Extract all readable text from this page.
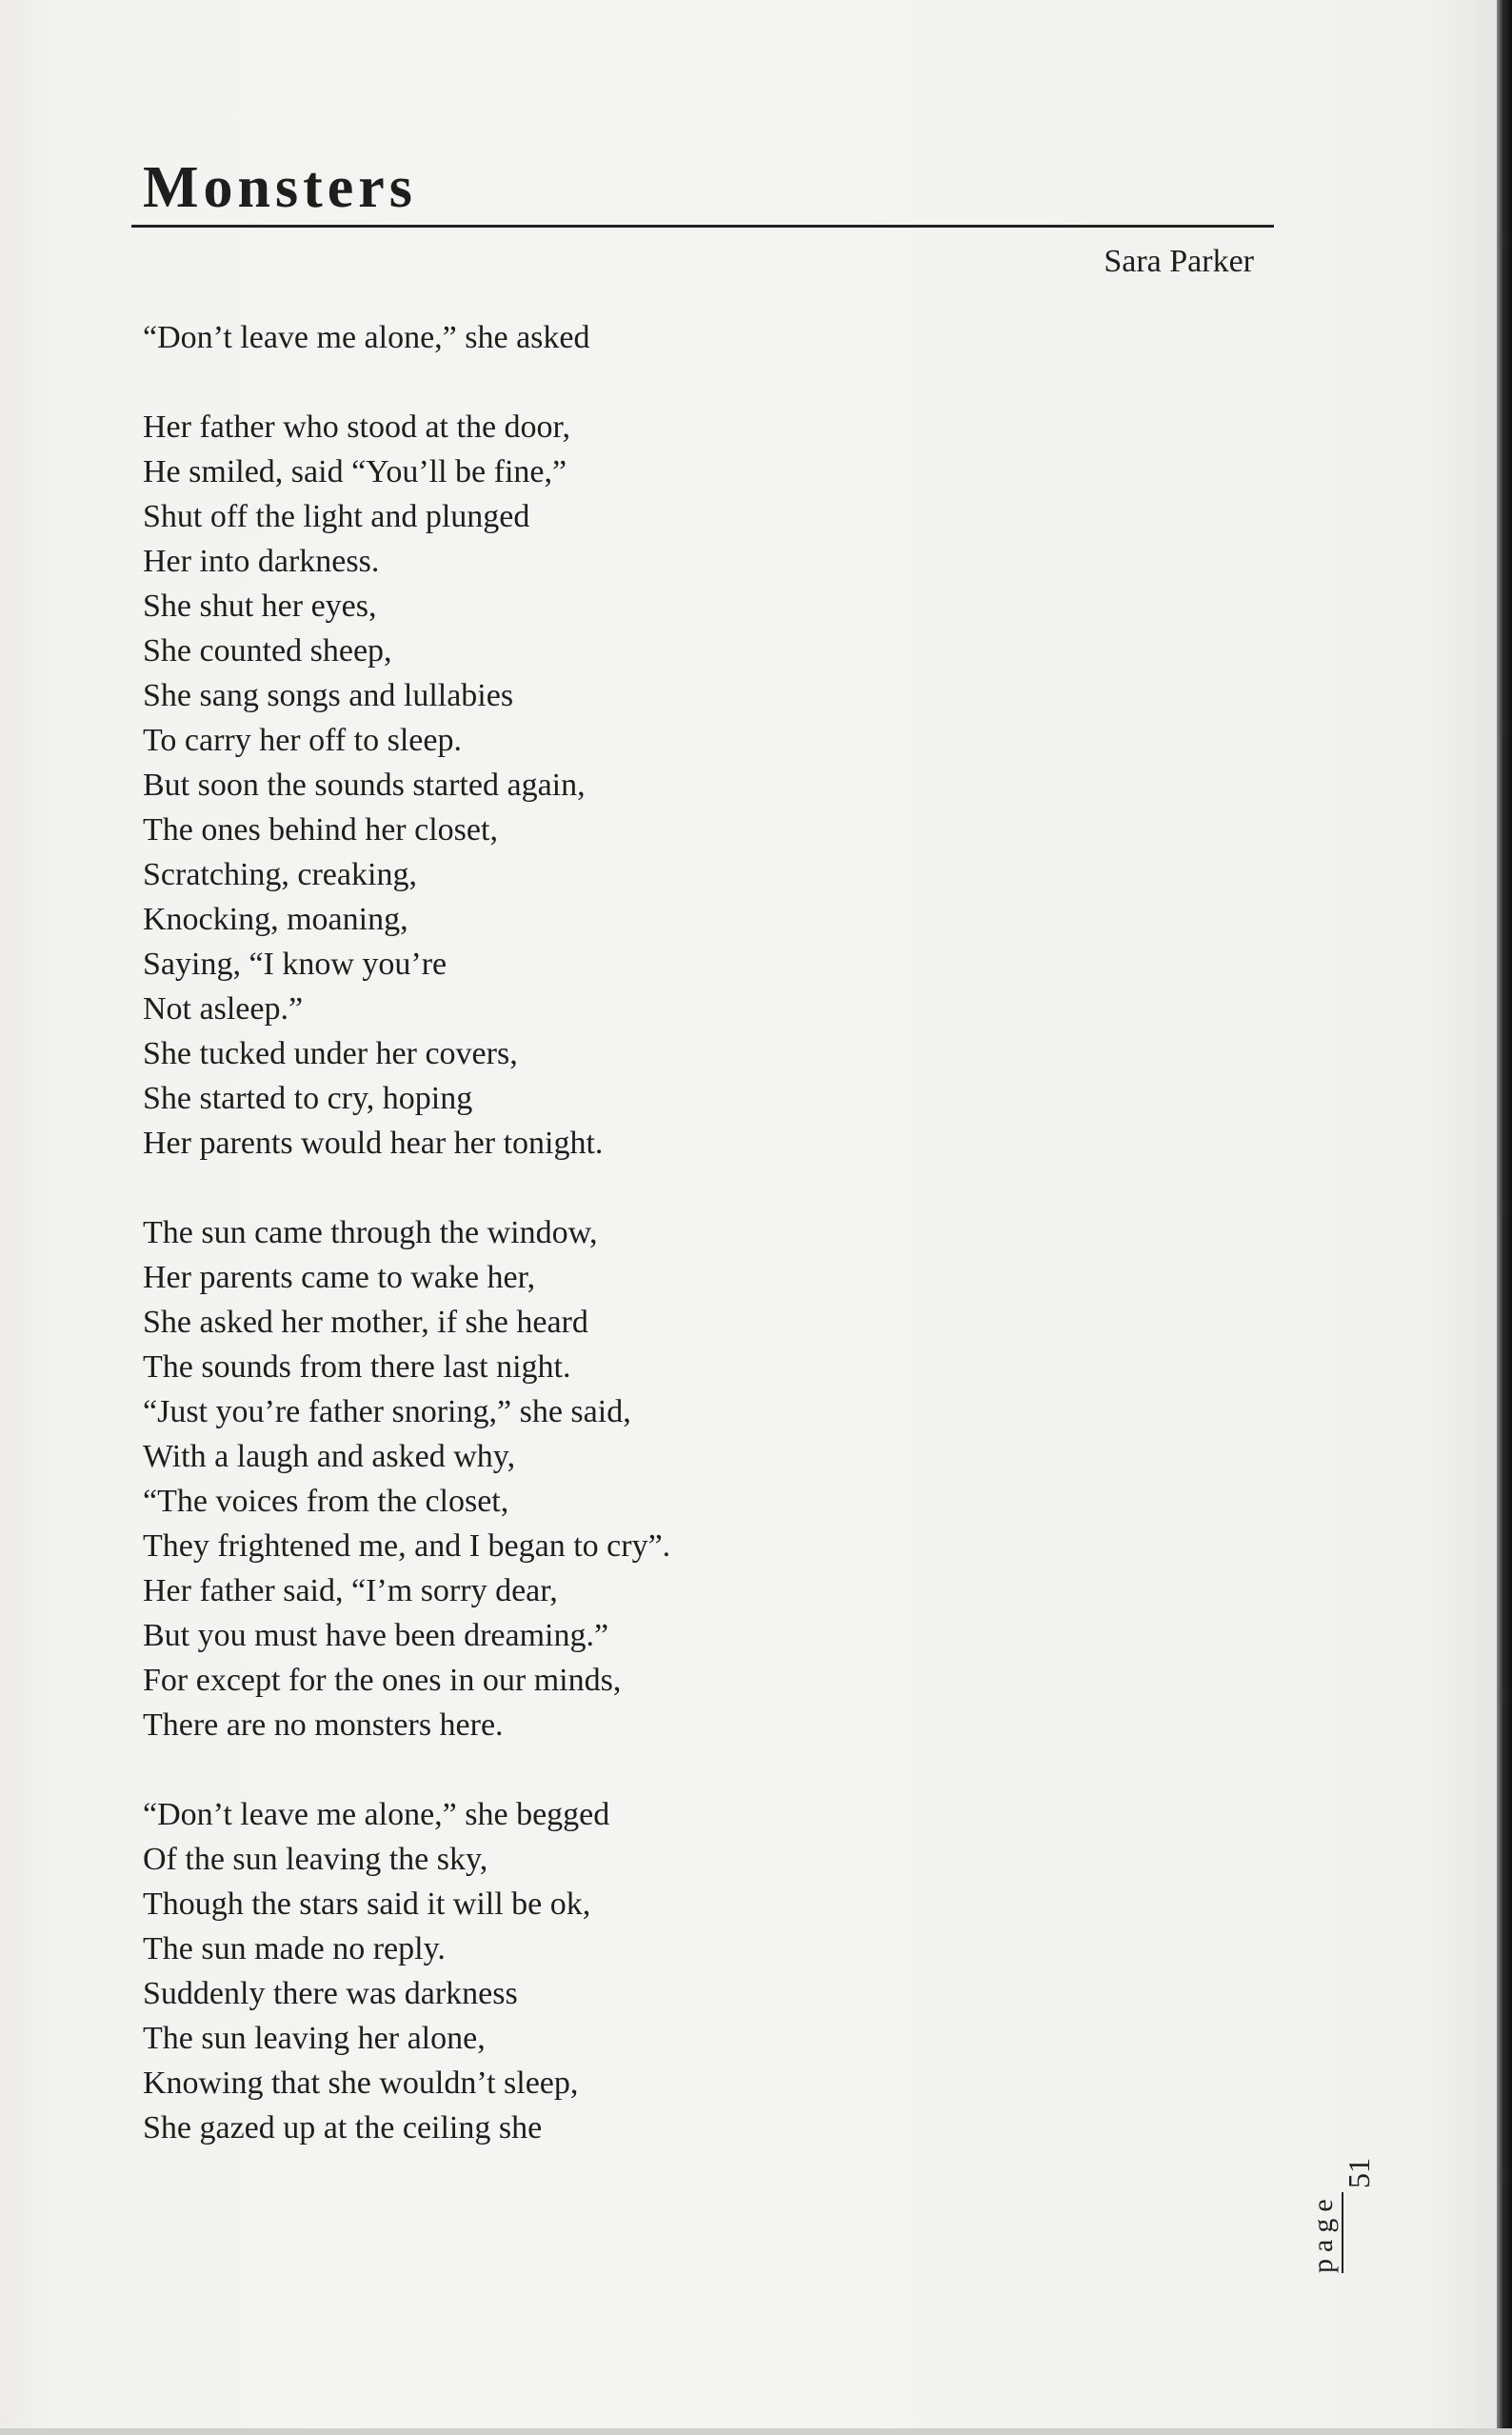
Monsters
Sara Parker
“Don’t leave me alone,” she asked
Her father who stood at the door,
He smiled, said “You’ll be fine,”
Shut off the light and plunged
Her into darkness.
She shut her eyes,
She counted sheep,
She sang songs and lullabies
To carry her off to sleep.
But soon the sounds started again,
The ones behind her closet,
Scratching, creaking,
Knocking, moaning,
Saying, “I know you’re
Not asleep.”
She tucked under her covers,
She started to cry, hoping
Her parents would hear her tonight.
The sun came through the window,
Her parents came to wake her,
She asked her mother, if she heard
The sounds from there last night.
“Just you’re father snoring,” she said,
With a laugh and asked why,
“The voices from the closet,
They frightened me, and I began to cry”.
Her father said, “I’m sorry dear,
But you must have been dreaming.”
For except for the ones in our minds,
There are no monsters here.
“Don’t leave me alone,” she begged
Of the sun leaving the sky,
Though the stars said it will be ok,
The sun made no reply.
Suddenly there was darkness
The sun leaving her alone,
Knowing that she wouldn’t sleep,
She gazed up at the ceiling she
page
51
